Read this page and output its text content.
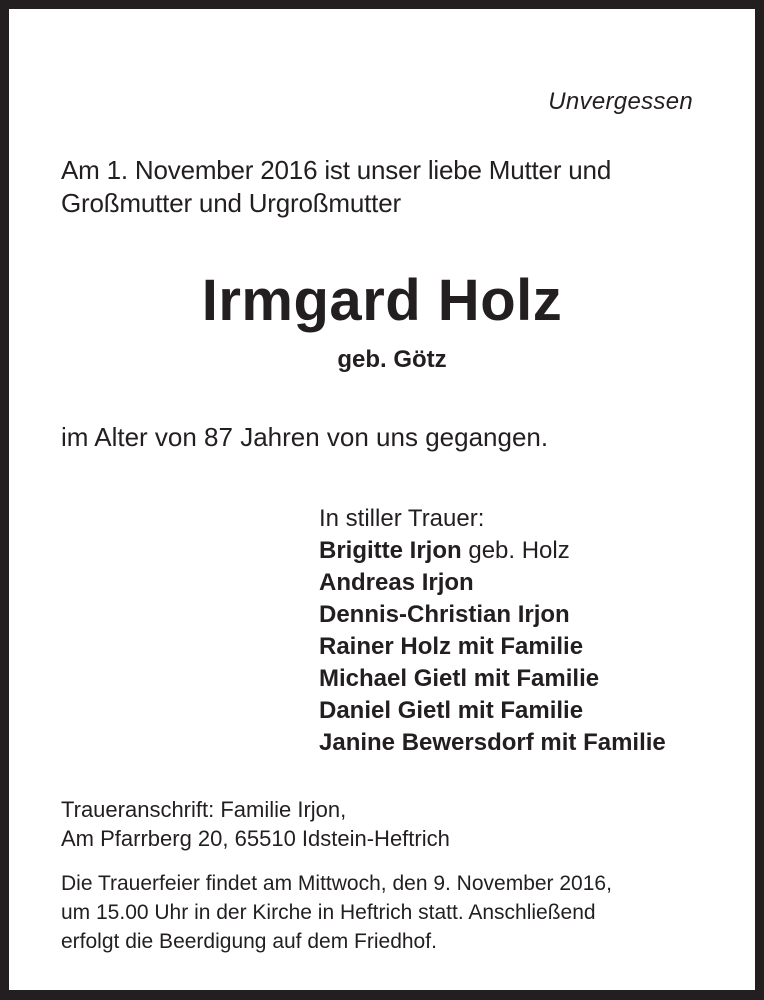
Unvergessen
Am 1. November 2016 ist unser liebe Mutter und
Großmutter und Urgroßmutter
Irmgard Holz
geb. Götz
im Alter von 87 Jahren von uns gegangen.
In stiller Trauer:
Brigitte Irjon geb. Holz
Andreas Irjon
Dennis-Christian Irjon
Rainer Holz mit Familie
Michael Gietl mit Familie
Daniel Gietl mit Familie
Janine Bewersdorf mit Familie
Traueranschrift: Familie Irjon,
Am Pfarrberg 20, 65510 Idstein-Heftrich
Die Trauerfeier findet am Mittwoch, den 9. November 2016,
um 15.00 Uhr in der Kirche in Heftrich statt. Anschließend
erfolgt die Beerdigung auf dem Friedhof.
